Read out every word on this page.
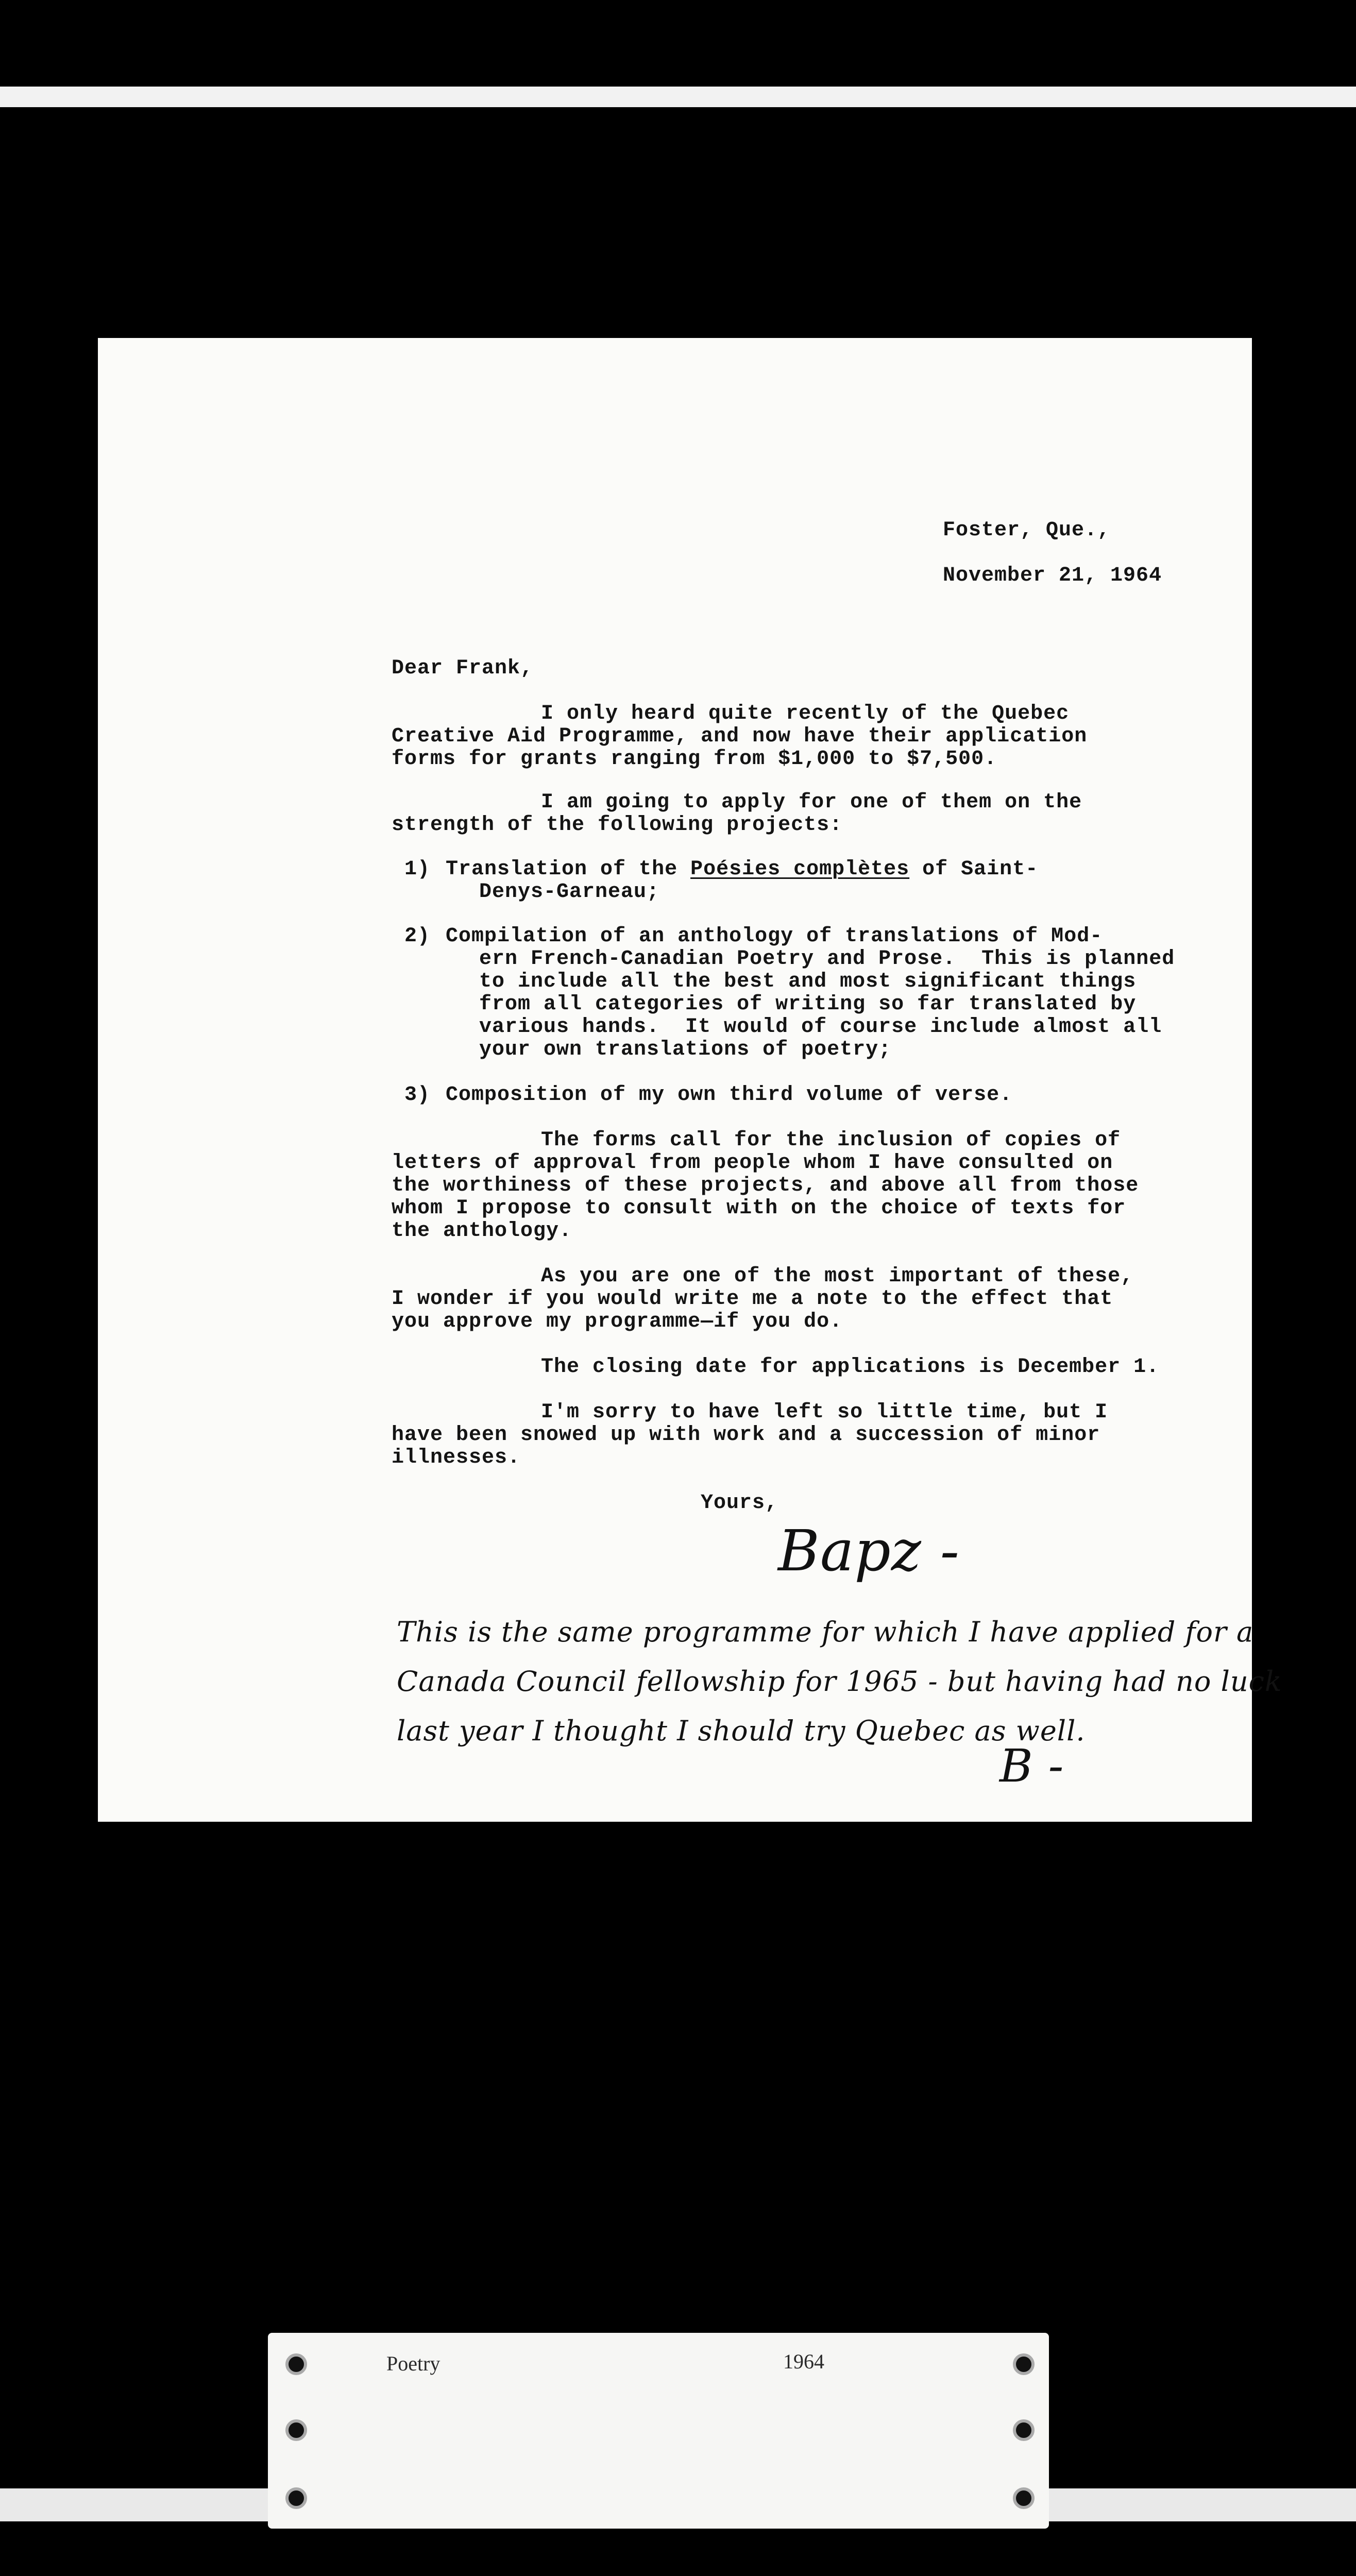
Foster, Que.,
November 21, 1964
Dear Frank,
I only heard quite recently of the Quebec
Creative Aid Programme, and now have their application
forms for grants ranging from $1,000 to $7,500.
I am going to apply for one of them on the
strength of the following projects:
1) Translation of the Poésies complètes of Saint-
Denys-Garneau;
2) Compilation of an anthology of translations of Mod-
ern French-Canadian Poetry and Prose.  This is planned
to include all the best and most significant things
from all categories of writing so far translated by
various hands.  It would of course include almost all
your own translations of poetry;
3) Composition of my own third volume of verse.
The forms call for the inclusion of copies of
letters of approval from people whom I have consulted on
the worthiness of these projects, and above all from those
whom I propose to consult with on the choice of texts for
the anthology.
As you are one of the most important of these,
I wonder if you would write me a note to the effect that
you approve my programme—if you do.
The closing date for applications is December 1.
I'm sorry to have left so little time, but I
have been snowed up with work and a succession of minor
illnesses.
Yours,
Bapz -
This is the same programme for which I have applied for a
Canada Council fellowship for 1965 - but having had no luck
last year I thought I should try Quebec as well.
B -
Poetry	1964
